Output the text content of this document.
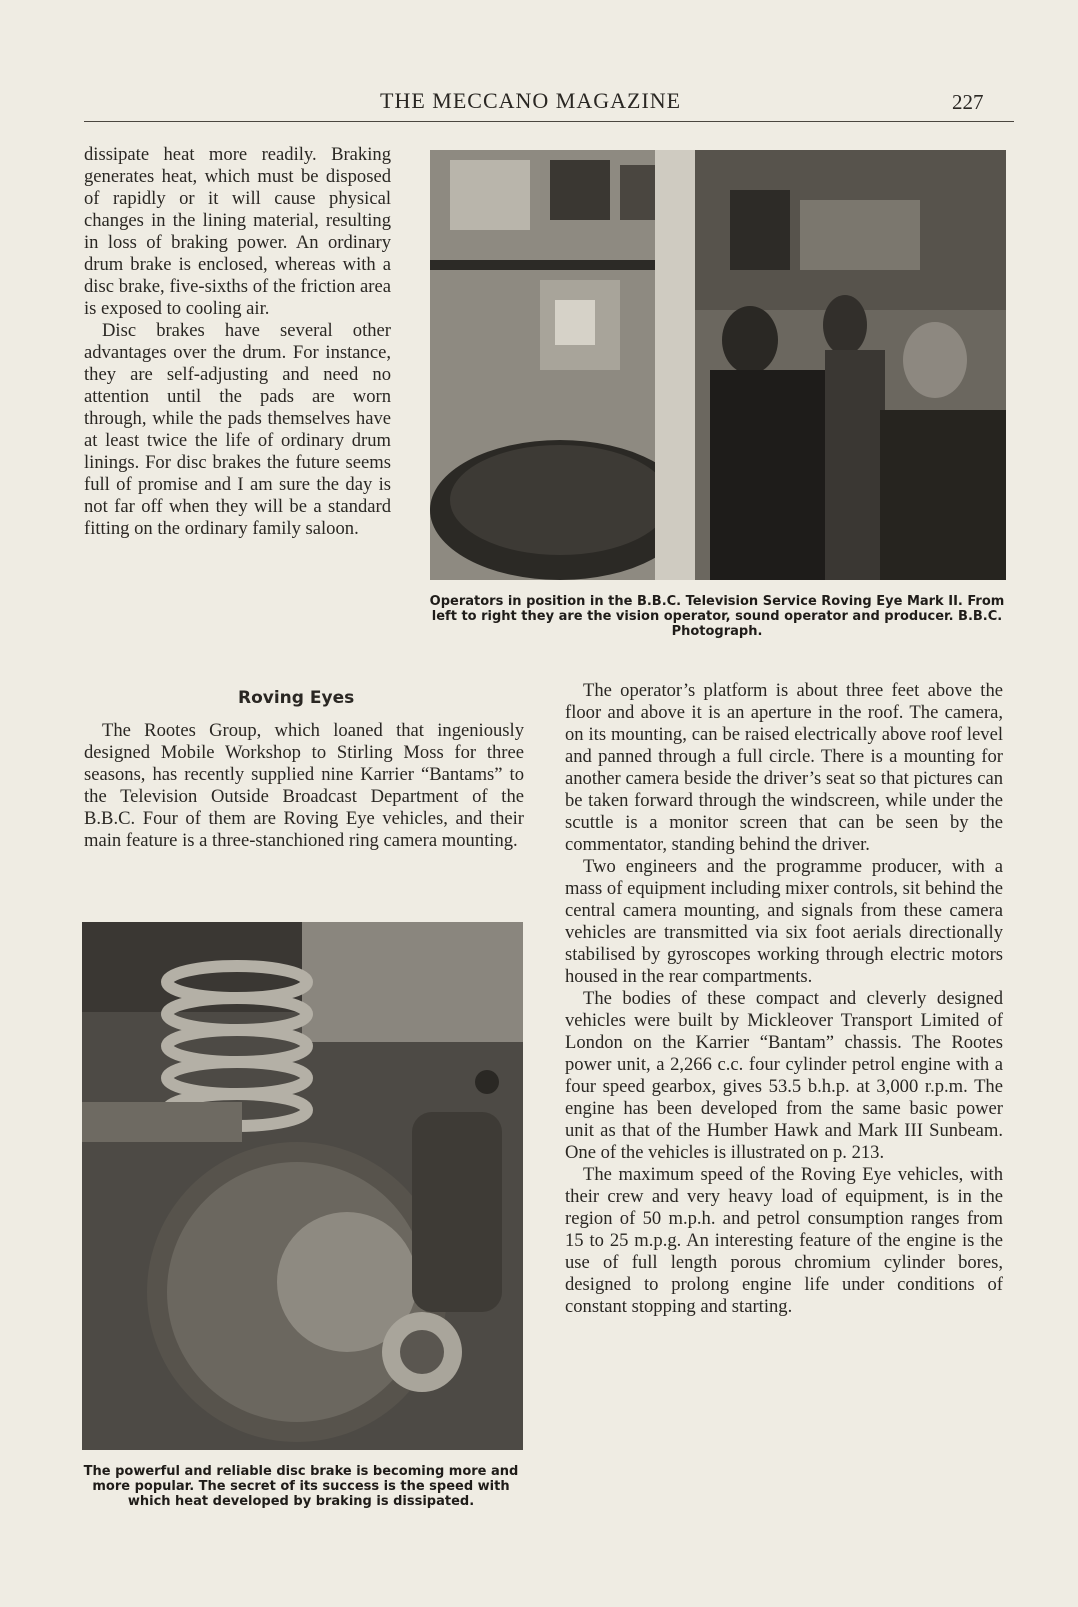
THE MECCANO MAGAZINE	227

dissipate heat more readily. Braking generates heat, which must be disposed of rapidly or it will cause physical changes in the lining material, resulting in loss of braking power. An ordinary drum brake is enclosed, whereas with a disc brake, five-sixths of the friction area is exposed to cooling air.

Disc brakes have several other advantages over the drum. For instance, they are self-adjusting and need no attention until the pads are worn through, while the pads themselves have at least twice the life of ordinary drum linings. For disc brakes the future seems full of promise and I am sure the day is not far off when they will be a standard fitting on the ordinary family saloon.

Roving Eyes

The Rootes Group, which loaned that ingeniously designed Mobile Workshop to Stirling Moss for three seasons, has recently supplied nine Karrier “Bantams” to the Television Outside Broadcast Department of the B.B.C. Four of them are Roving Eye vehicles, and their main feature is a three-stanchioned ring camera mounting.

Operators in position in the B.B.C. Television Service Roving Eye Mark II. From left to right they are the vision operator, sound operator and producer. B.B.C. Photograph.
The powerful and reliable disc brake is becoming more and more popular. The secret of its success is the speed with which heat developed by braking is dissipated.

The operator’s platform is about three feet above the floor and above it is an aperture in the roof. The camera, on its mounting, can be raised electrically above roof level and panned through a full circle. There is a mounting for another camera beside the driver’s seat so that pictures can be taken forward through the windscreen, while under the scuttle is a monitor screen that can be seen by the commentator, standing behind the driver.

Two engineers and the programme producer, with a mass of equipment including mixer controls, sit behind the central camera mounting, and signals from these camera vehicles are transmitted via six foot aerials directionally stabilised by gyroscopes working through electric motors housed in the rear compartments.

The bodies of these compact and cleverly designed vehicles were built by Mickleover Transport Limited of London on the Karrier “Bantam” chassis. The Rootes power unit, a 2,266 c.c. four cylinder petrol engine with a four speed gearbox, gives 53.5 b.h.p. at 3,000 r.p.m. The engine has been developed from the same basic power unit as that of the Humber Hawk and Mark III Sunbeam. One of the vehicles is illustrated on p. 213.

The maximum speed of the Roving Eye vehicles, with their crew and very heavy load of equipment, is in the region of 50 m.p.h. and petrol consumption ranges from 15 to 25 m.p.g. An interesting feature of the engine is the use of full length porous chromium cylinder bores, designed to prolong engine life under conditions of constant stopping and starting.
